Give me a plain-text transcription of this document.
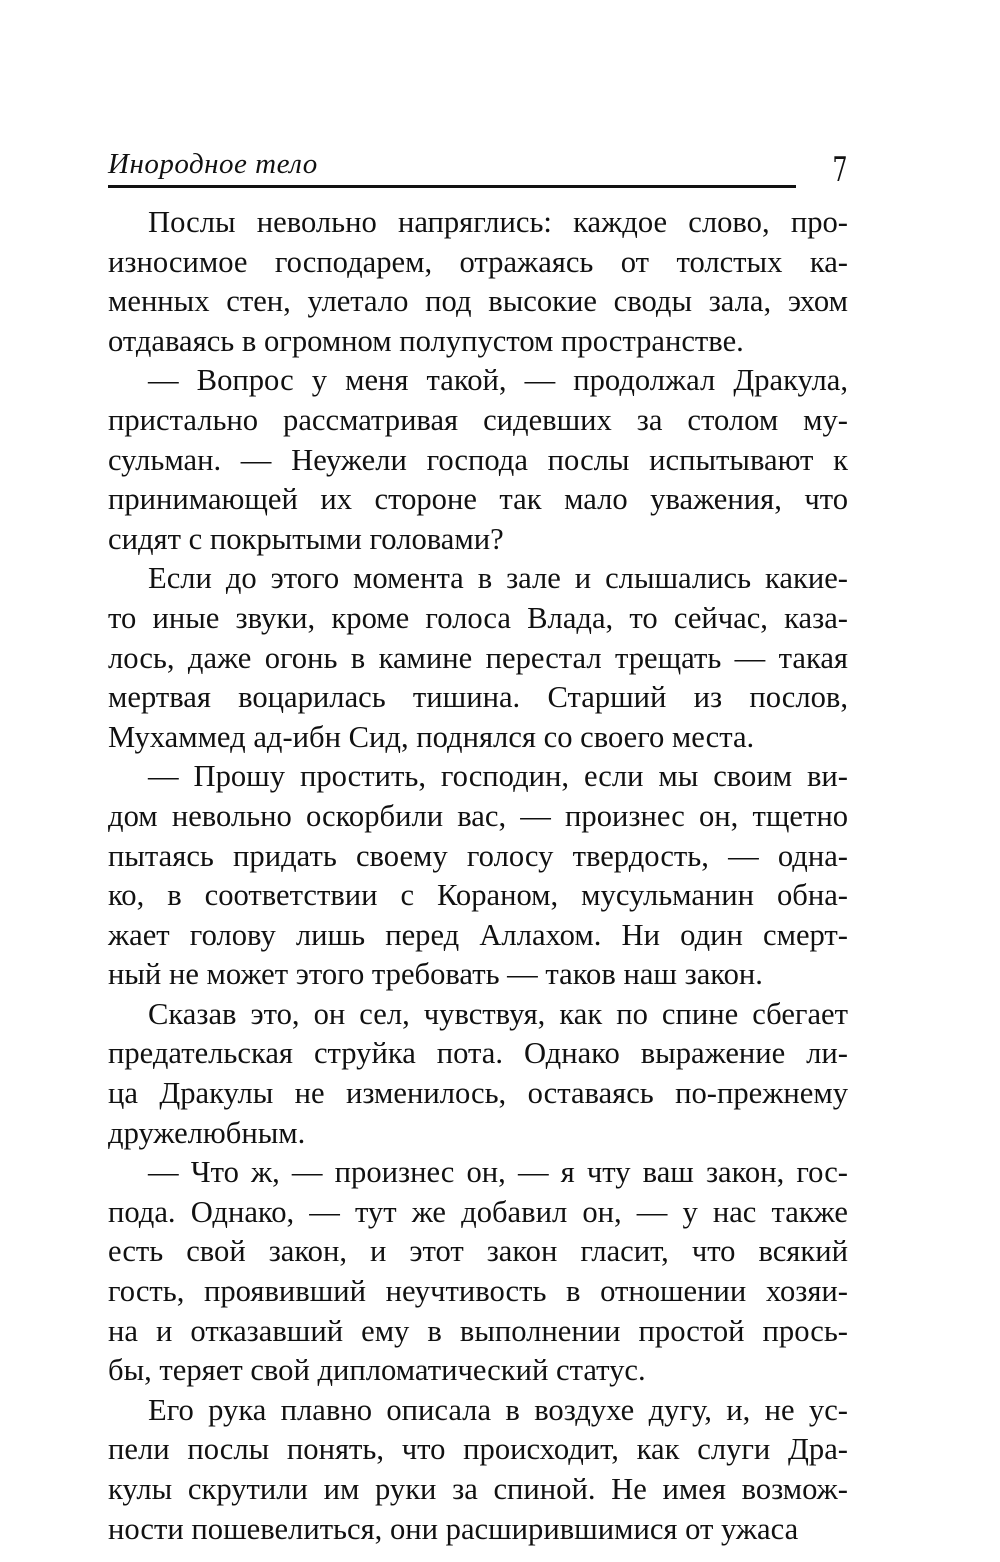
Инородное тело	7

Послы невольно напряглись: каждое слово, про-
износимое господарем, отражаясь от толстых ка-
менных стен, улетало под высокие своды зала, эхом
отдаваясь в огромном полупустом пространстве.

— Вопрос у меня такой, — продолжал Дракула,
пристально рассматривая сидевших за столом му-
сульман. — Неужели господа послы испытывают к
принимающей их стороне так мало уважения, что
сидят с покрытыми головами?

Если до этого момента в зале и слышались какие-
то иные звуки, кроме голоса Влада, то сейчас, каза-
лось, даже огонь в камине перестал трещать — такая
мертвая воцарилась тишина. Старший из послов,
Мухаммед ад-ибн Сид, поднялся со своего места.

— Прошу простить, господин, если мы своим ви-
дом невольно оскорбили вас, — произнес он, тщетно
пытаясь придать своему голосу твердость, — одна-
ко, в соответствии с Кораном, мусульманин обна-
жает голову лишь перед Аллахом. Ни один смерт-
ный не может этого требовать — таков наш закон.

Сказав это, он сел, чувствуя, как по спине сбегает
предательская струйка пота. Однако выражение ли-
ца Дракулы не изменилось, оставаясь по-прежнему
дружелюбным.

— Что ж, — произнес он, — я чту ваш закон, гос-
пода. Однако, — тут же добавил он, — у нас также
есть свой закон, и этот закон гласит, что всякий
гость, проявивший неучтивость в отношении хозяи-
на и отказавший ему в выполнении простой прось-
бы, теряет свой дипломатический статус.

Его рука плавно описала в воздухе дугу, и, не ус-
пели послы понять, что происходит, как слуги Дра-
кулы скрутили им руки за спиной. Не имея возмож-
ности пошевелиться, они расширившимися от ужаса
